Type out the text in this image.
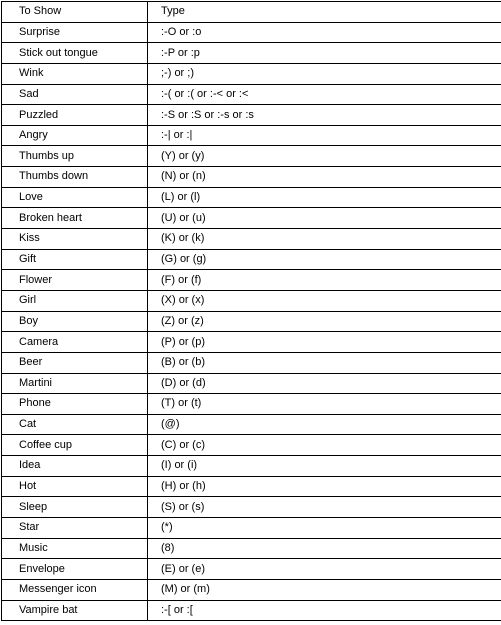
To Show	Type
Surprise	:-O or :o
Stick out tongue	:-P or :p
Wink	;-) or ;)
Sad	:-( or :( or :-< or :<
Puzzled	:-S or :S or :-s or :s
Angry	:-| or :|
Thumbs up	(Y) or (y)
Thumbs down	(N) or (n)
Love	(L) or (l)
Broken heart	(U) or (u)
Kiss	(K) or (k)
Gift	(G) or (g)
Flower	(F) or (f)
Girl	(X) or (x)
Boy	(Z) or (z)
Camera	(P) or (p)
Beer	(B) or (b)
Martini	(D) or (d)
Phone	(T) or (t)
Cat	(@)
Coffee cup	(C) or (c)
Idea	(I) or (i)
Hot	(H) or (h)
Sleep	(S) or (s)
Star	(*)
Music	(8)
Envelope	(E) or (e)
Messenger icon	(M) or (m)
Vampire bat	:-[ or :[
